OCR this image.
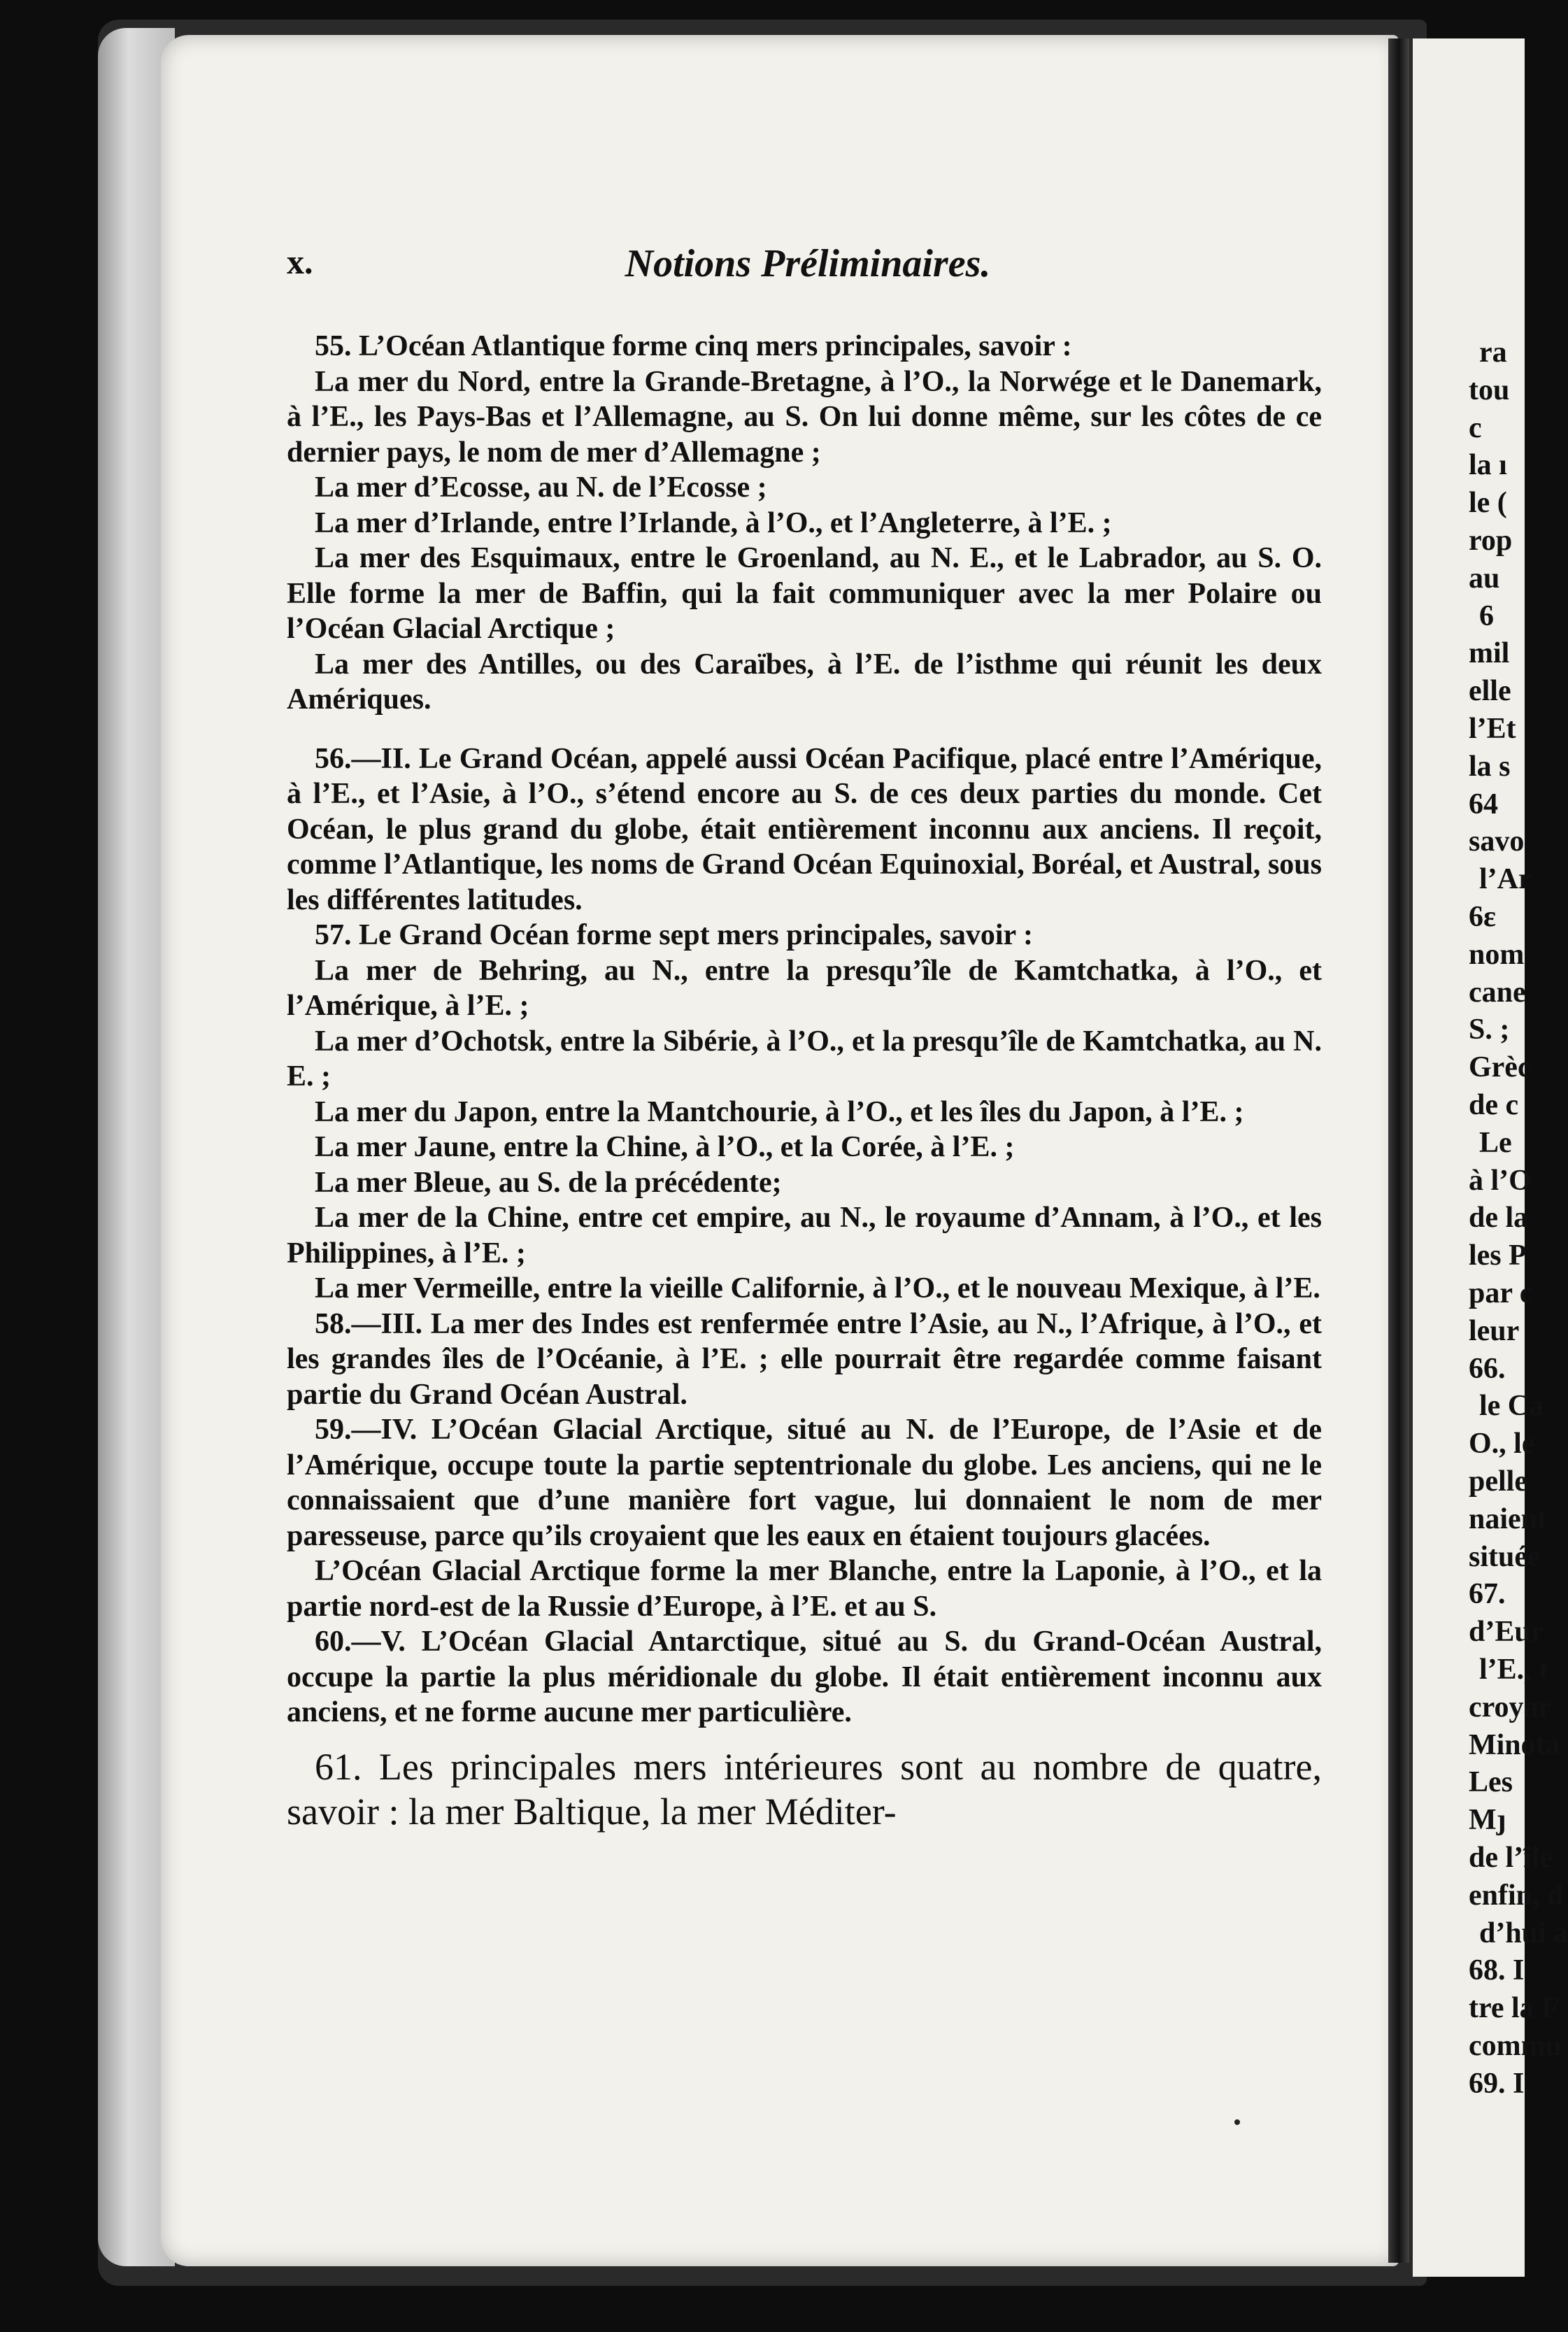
x.	Notions Préliminaires.

55. L’Océan Atlantique forme cinq mers principales, savoir :

La mer du Nord, entre la Grande-Bretagne, à l’O., la Norwége et le Danemark, à l’E., les Pays-Bas et l’Allemagne, au S. On lui donne même, sur les côtes de ce dernier pays, le nom de mer d’Allemagne ;

La mer d’Ecosse, au N. de l’Ecosse ;

La mer d’Irlande, entre l’Irlande, à l’O., et l’Angleterre, à l’E. ;

La mer des Esquimaux, entre le Groenland, au N. E., et le Labrador, au S. O. Elle forme la mer de Baffin, qui la fait communiquer avec la mer Polaire ou l’Océan Glacial Arctique ;

La mer des Antilles, ou des Caraïbes, à l’E. de l’isthme qui réunit les deux Amériques.

56.—II. Le Grand Océan, appelé aussi Océan Pacifique, placé entre l’Amérique, à l’E., et l’Asie, à l’O., s’étend encore au S. de ces deux parties du monde. Cet Océan, le plus grand du globe, était entièrement inconnu aux anciens. Il reçoit, comme l’Atlantique, les noms de Grand Océan Equinoxial, Boréal, et Austral, sous les différentes latitudes.

57. Le Grand Océan forme sept mers principales, savoir :

La mer de Behring, au N., entre la presqu’île de Kamtchatka, à l’O., et l’Amérique, à l’E. ;

La mer d’Ochotsk, entre la Sibérie, à l’O., et la presqu’île de Kamtchatka, au N. E. ;

La mer du Japon, entre la Mantchourie, à l’O., et les îles du Japon, à l’E. ;

La mer Jaune, entre la Chine, à l’O., et la Corée, à l’E. ;

La mer Bleue, au S. de la précédente;

La mer de la Chine, entre cet empire, au N., le royaume d’Annam, à l’O., et les Philippines, à l’E. ;

La mer Vermeille, entre la vieille Californie, à l’O., et le nouveau Mexique, à l’E.

58.—III. La mer des Indes est renfermée entre l’Asie, au N., l’Afrique, à l’O., et les grandes îles de l’Océanie, à l’E. ; elle pourrait être regardée comme faisant partie du Grand Océan Austral.

59.—IV. L’Océan Glacial Arctique, situé au N. de l’Europe, de l’Asie et de l’Amérique, occupe toute la partie septentrionale du globe. Les anciens, qui ne le connaissaient que d’une manière fort vague, lui donnaient le nom de mer paresseuse, parce qu’ils croyaient que les eaux en étaient toujours glacées.

L’Océan Glacial Arctique forme la mer Blanche, entre la Laponie, à l’O., et la partie nord-est de la Russie d’Europe, à l’E. et au S.

60.—V. L’Océan Glacial Antarctique, situé au S. du Grand-Océan Austral, occupe la partie la plus méridionale du globe. Il était entièrement inconnu aux anciens, et ne forme aucune mer particulière.

61. Les principales mers intérieures sont au nombre de quatre, savoir : la mer Baltique, la mer Méditer-

ra
tou
c
la ı
le (
rop
au
6
mil
elle
l’Et
la s
64
savo
l’Ar
6ε
nom
cane
S. ;
Grèc
de c
Le
à l’O
de la
les P
par c
leur
66.
le Ca
O., le
pelle
naient
située
67.
d’Eur
l’E., t
croyar
Minota
Les
Mȷ
de l’île
enfin, d
d’hui a
68. I
tre la F
commu
69. I
